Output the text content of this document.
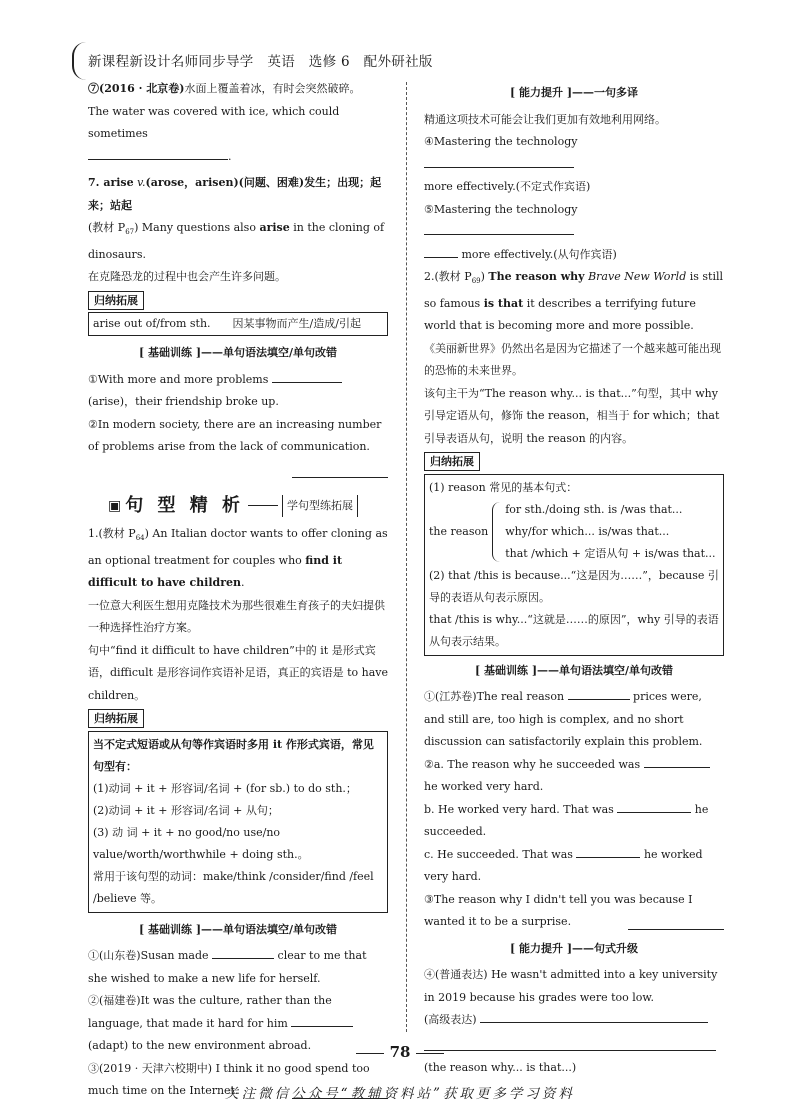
新课程新设计名师同步导学　英语　选修 6　配外研社版

⑦(2016 · 北京卷)水面上覆盖着冰，有时会突然破碎。

The water was covered with ice, which could sometimes

.

7. arise v.(arose，arisen)(问题、困难)发生；出现；起来；站起

(教材 $P_{67}$) Many questions also arise in the cloning of dinosaurs.

在克隆恐龙的过程中也会产生许多问题。

归纳拓展

arise out of/from sth.　　 因某事物而产生/造成/引起

[ 基础训练 ]——单句语法填空/单句改错

①With more and more problems (arise)，their friendship broke up.

②In modern society, there are an increasing number of problems arise from the lack of communication.

▣ 句 型 精 析	学句型练拓展

1.(教材 $P_{64}$) An Italian doctor wants to offer cloning as an optional treatment for couples who find it difficult to have children.

一位意大利医生想用克隆技术为那些很难生育孩子的夫妇提供一种选择性治疗方案。

句中“find it difficult to have children”中的 it 是形式宾语，difficult 是形容词作宾语补足语，真正的宾语是 to have children。

归纳拓展

当不定式短语或从句等作宾语时多用 it 作形式宾语，常见句型有：

(1)动词 + it + 形容词/名词 + (for sb.) to do sth.；

(2)动词 + it + 形容词/名词 + 从句；

(3) 动 词 + it + no good/no use/no value/worth/worthwhile + doing sth.。

常用于该句型的动词：make/think /consider/find /feel /believe 等。

[ 基础训练 ]——单句语法填空/单句改错

①(山东卷)Susan made	clear to me that she wished to make a new life for herself.

②(福建卷)It was the culture, rather than the language, that made it hard for him (adapt) to the new environment abroad.

③(2019 · 天津六校期中) I think it no good spend too much time on the Internet.

[ 能力提升 ]——一句多译

精通这项技术可能会让我们更加有效地利用网络。

④Mastering the technology

more effectively.(不定式作宾语)

⑤Mastering the technology

more effectively.(从句作宾语)

2.(教材 $P_{69}$) The reason why Brave New World is still so famous is that it describes a terrifying future world that is becoming more and more possible.

《美丽新世界》仍然出名是因为它描述了一个越来越可能出现的恐怖的未来世界。

该句主干为“The reason why... is that...”句型，其中 why 引导定语从句，修饰 the reason，相当于 for which；that 引导表语从句，说明 the reason 的内容。

归纳拓展

(1) reason 常见的基本句式：

the reason

for sth./doing sth. is /was that...

why/for which... is/was that...

that /which + 定语从句 + is/was that...

(2) that /this is because...“这是因为……”，because 引导的表语从句表示原因。

that /this is why...“这就是……的原因”，why 引导的表语从句表示结果。

[ 基础训练 ]——单句语法填空/单句改错

①(江苏卷)The real reason	prices were, and still are, too high is complex, and no short discussion can satisfactorily explain this problem.

②a. The reason why he succeeded was  he worked very hard.

b. He worked very hard. That was	he succeeded.

c. He succeeded. That was	he worked very hard.

③The reason why I didn't tell you was because I wanted it to be a surprise.

[ 能力提升 ]——句式升级

④(普通表达) He wasn't admitted into a key university in 2019 because his grades were too low.

(高级表达)

(the reason why... is that...)

78
关注微信公众号“教辅资料站”获取更多学习资料
